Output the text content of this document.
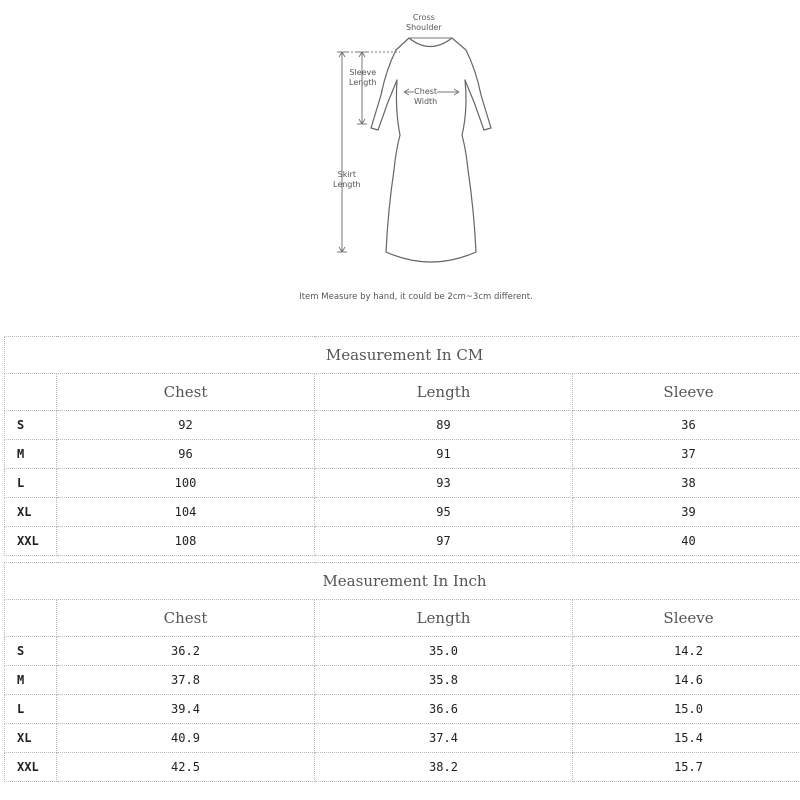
Cross
Shoulder
Sleeve
Length
Chest
Width
Skirt
Length
Item Measure by hand, it could be 2cm~3cm different.
Measurement In CM			
	Chest	Length	Sleeve
S	92	89	36
M	96	91	37
L	100	93	38
XL	104	95	39
XXL	108	97	40
Measurement In Inch			
	Chest	Length	Sleeve
S	36.2	35.0	14.2
M	37.8	35.8	14.6
L	39.4	36.6	15.0
XL	40.9	37.4	15.4
XXL	42.5	38.2	15.7
